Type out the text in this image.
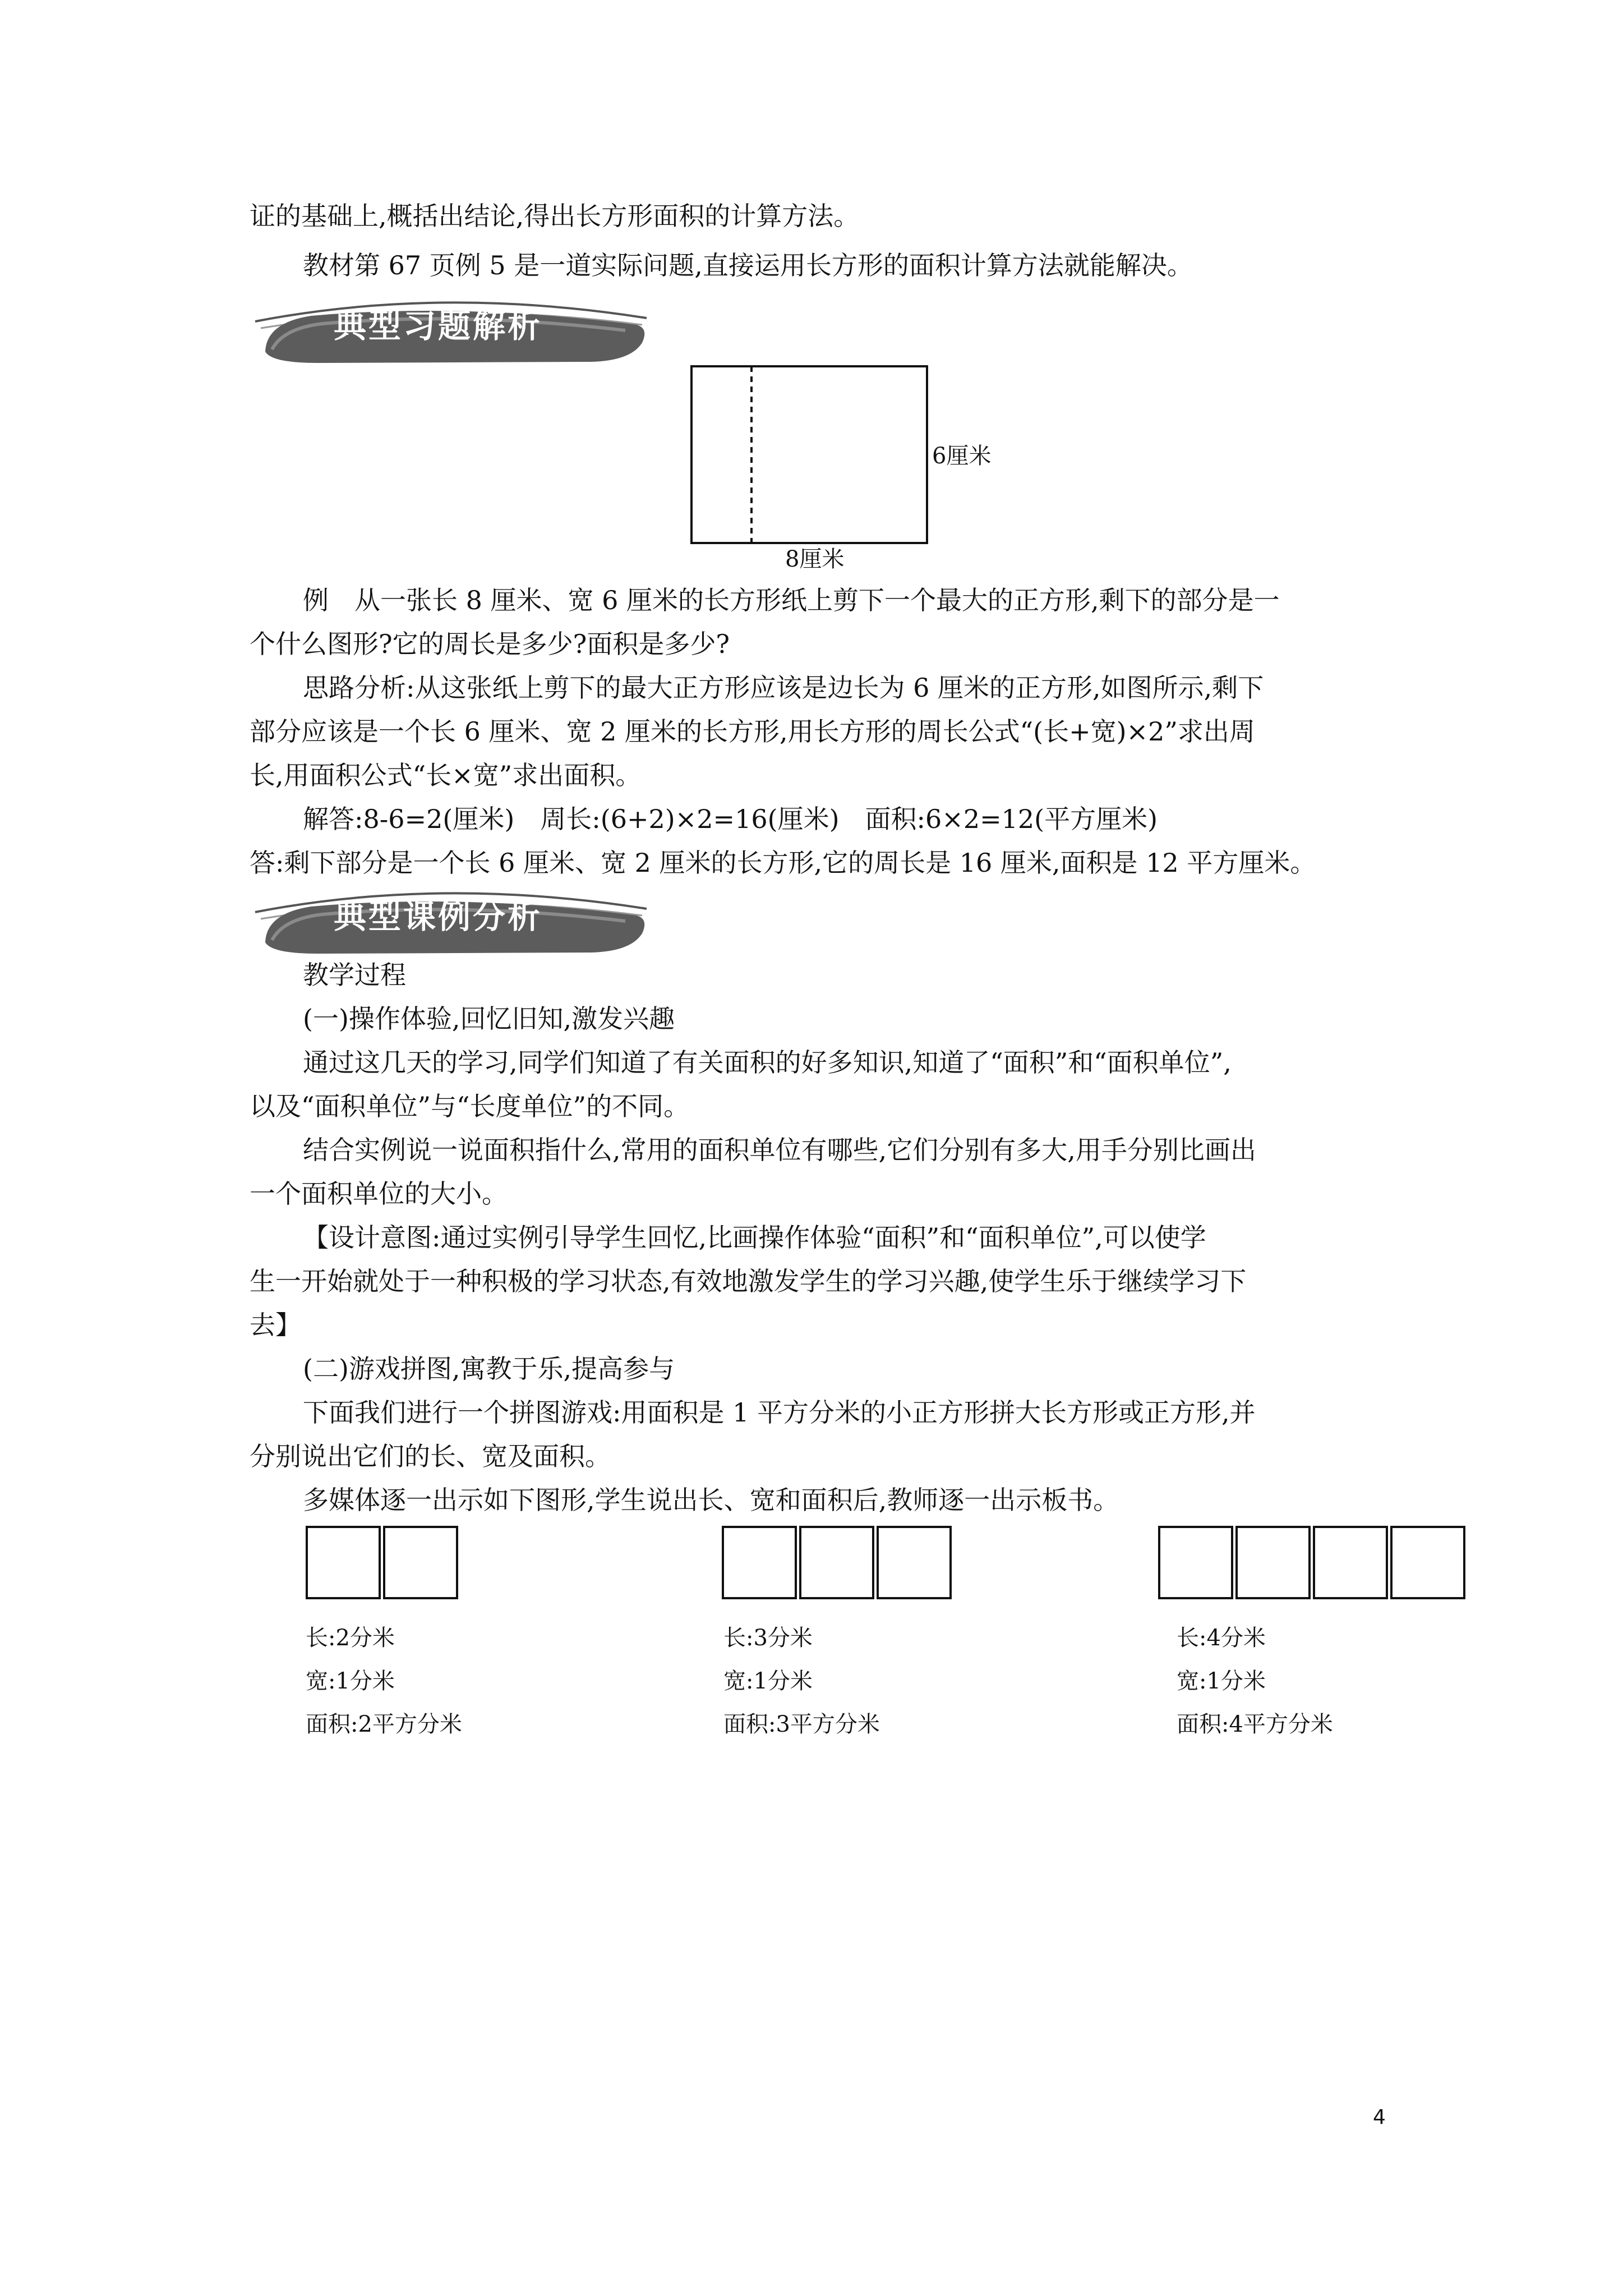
证的基础上,概括出结论,得出长方形面积的计算方法。

教材第 67 页例 5 是一道实际问题,直接运用长方形的面积计算方法就能解决。

典型习题解析
6厘米
8厘米

例　从一张长 8 厘米、宽 6 厘米的长方形纸上剪下一个最大的正方形,剩下的部分是一

个什么图形?它的周长是多少?面积是多少?

思路分析:从这张纸上剪下的最大正方形应该是边长为 6 厘米的正方形,如图所示,剩下

部分应该是一个长 6 厘米、宽 2 厘米的长方形,用长方形的周长公式“(长+宽)×2”求出周

长,用面积公式“长×宽”求出面积。

解答:8-6=2(厘米)　周长:(6+2)×2=16(厘米)　面积:6×2=12(平方厘米)

答:剩下部分是一个长 6 厘米、宽 2 厘米的长方形,它的周长是 16 厘米,面积是 12 平方厘米。

典型课例分析

教学过程

(一)操作体验,回忆旧知,激发兴趣

通过这几天的学习,同学们知道了有关面积的好多知识,知道了“面积”和“面积单位”,

以及“面积单位”与“长度单位”的不同。

结合实例说一说面积指什么,常用的面积单位有哪些,它们分别有多大,用手分别比画出

一个面积单位的大小。

【设计意图:通过实例引导学生回忆,比画操作体验“面积”和“面积单位”,可以使学

生一开始就处于一种积极的学习状态,有效地激发学生的学习兴趣,使学生乐于继续学习下

去】

(二)游戏拼图,寓教于乐,提高参与

下面我们进行一个拼图游戏:用面积是 1 平方分米的小正方形拼大长方形或正方形,并

分别说出它们的长、宽及面积。

多媒体逐一出示如下图形,学生说出长、宽和面积后,教师逐一出示板书。

长:2分米
宽:1分米
面积:2平方分米
长:3分米
宽:1分米
面积:3平方分米
长:4分米
宽:1分米
面积:4平方分米
4
